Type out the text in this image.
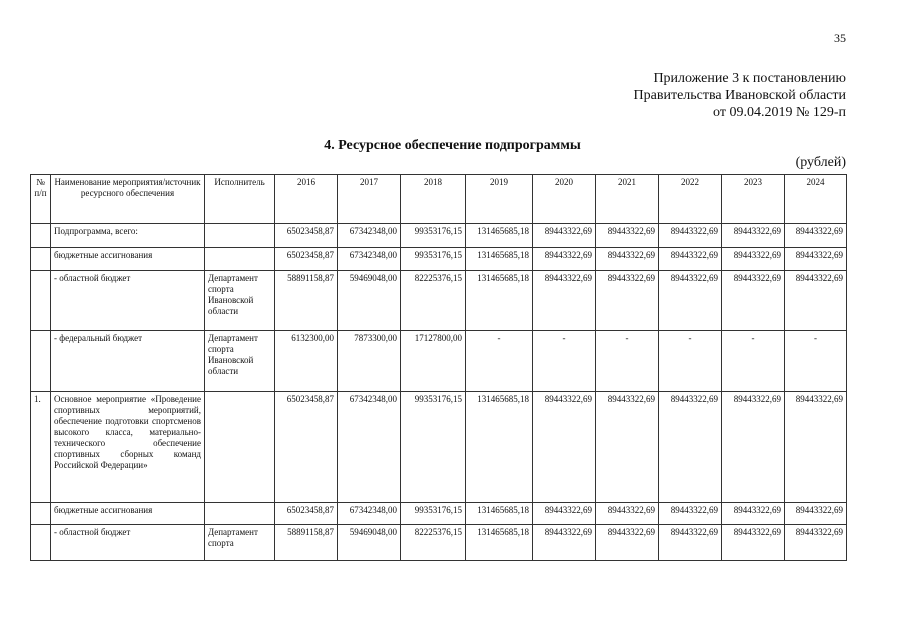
35
Приложение 3 к постановлению
Правительства Ивановской области
от 09.04.2019 № 129-п
4. Ресурсное обеспечение подпрограммы
(рублей)
№ п/п	Наименование мероприятия/источник ресурсного обеспечения	Исполнитель	2016	2017	2018	2019	2020	2021	2022	2023	2024
	Подпрограмма, всего:		65023458,87	67342348,00	99353176,15	131465685,18	89443322,69	89443322,69	89443322,69	89443322,69	89443322,69
	бюджетные ассигнования		65023458,87	67342348,00	99353176,15	131465685,18	89443322,69	89443322,69	89443322,69	89443322,69	89443322,69
	- областной бюджет	Департамент спорта Ивановской области	58891158,87	59469048,00	82225376,15	131465685,18	89443322,69	89443322,69	89443322,69	89443322,69	89443322,69
	- федеральный бюджет	Департамент спорта Ивановской области	6132300,00	7873300,00	17127800,00	-	-	-	-	-	-
1.	Основное мероприятие «Проведение спортивных мероприятий, обеспечение подготовки спортсменов высокого класса, материально-технического обеспечение спортивных сборных команд Российской Федерации»		65023458,87	67342348,00	99353176,15	131465685,18	89443322,69	89443322,69	89443322,69	89443322,69	89443322,69
	бюджетные ассигнования		65023458,87	67342348,00	99353176,15	131465685,18	89443322,69	89443322,69	89443322,69	89443322,69	89443322,69
	- областной бюджет	Департамент спорта	58891158,87	59469048,00	82225376,15	131465685,18	89443322,69	89443322,69	89443322,69	89443322,69	89443322,69
